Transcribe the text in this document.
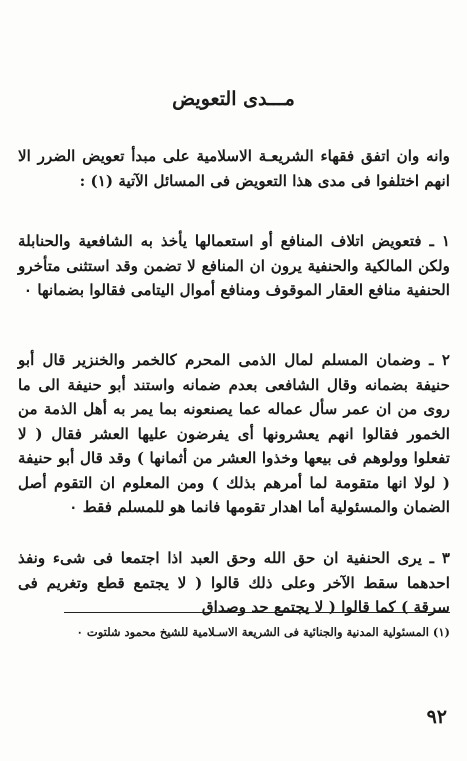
مـــدى التعويض

وانه وان اتفق فقهاء الشريعـة الاسلامية على مبدأ تعويض الضرر الا انهم اختلفوا فى مدى هذا التعويض فى المسائل الآتية (١) :

١ ـ فتعويض اتلاف المنافع أو استعمالها يأخذ به الشافعية والحنابلة ولكن المالكية والحنفية يرون ان المنافع لا تضمن وقد استثنى متأخرو الحنفية منافع العقار الموقوف ومنافع أموال اليتامى فقالوا بضمانها ٠

٢ ـ وضمان المسلم لمال الذمى المحرم كالخمر والخنزير قال أبو حنيفة بضمانه وقال الشافعى بعدم ضمانه واستند أبو حنيفة الى ما روى من ان عمر سأل عماله عما يصنعونه بما يمر به أهل الذمة من الخمور فقالوا انهم يعشرونها أى يفرضون عليها العشر فقال ( لا تفعلوا وولوهم فى بيعها وخذوا العشر من أثمانها ) وقد قال أبو حنيفة ( لولا انها متقومة لما أمرهم بذلك ) ومن المعلوم ان التقوم أصل الضمان والمسئولية أما اهدار تقومها فانما هو للمسلم فقط ٠

٣ ـ يرى الحنفية ان حق الله وحق العبد اذا اجتمعا فى شىء ونفذ احدهما سقط الآخر وعلى ذلك قالوا ( لا يجتمع قطع وتغريم فى سرقة ) كما قالوا ( لا يجتمع حد وصداق

(١) المسئولية المدنية والجنائية فى الشريعة الاسـلامية للشيخ محمود شلتوت ٠
٩٢
